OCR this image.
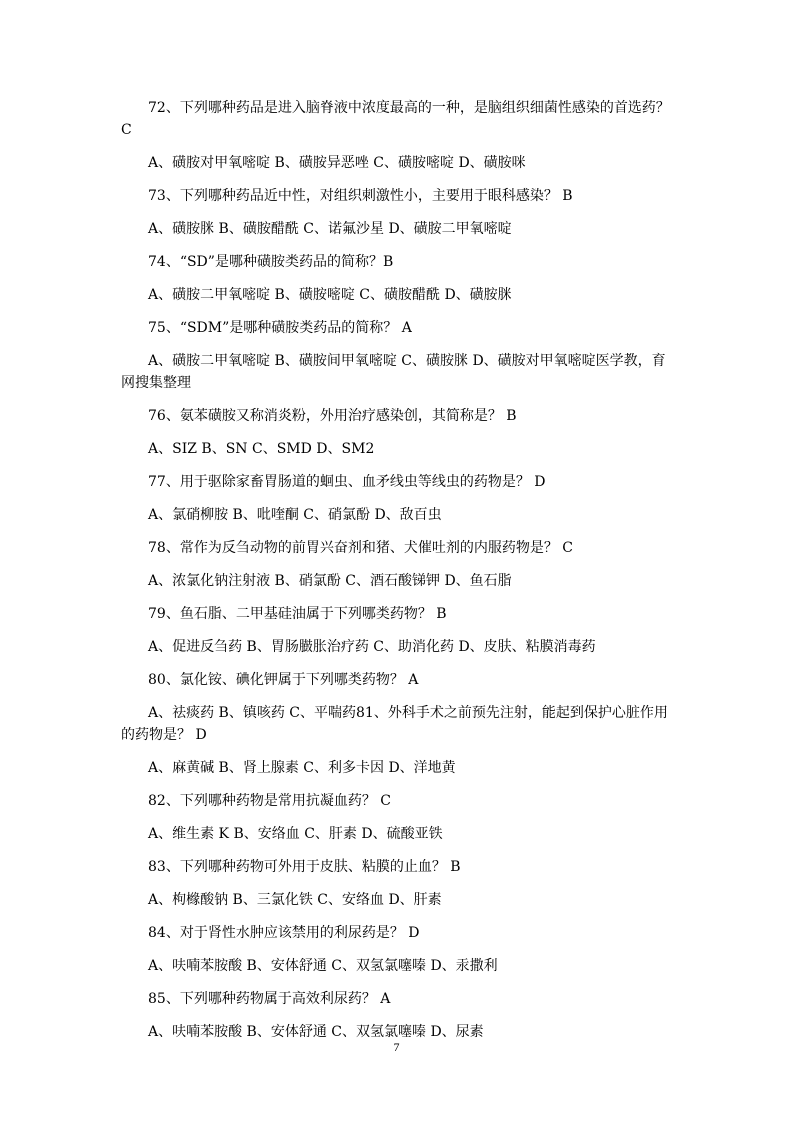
72、下列哪种药品是进入脑脊液中浓度最高的一种，是脑组织细菌性感染的首选药？C

A、磺胺对甲氧嘧啶 B、磺胺异恶唑 C、磺胺嘧啶 D、磺胺咪

73、下列哪种药品近中性，对组织刺激性小，主要用于眼科感染？ B

A、磺胺脒 B、磺胺醋酰 C、诺氟沙星 D、磺胺二甲氧嘧啶

74、“SD”是哪种磺胺类药品的简称？B

A、磺胺二甲氧嘧啶 B、磺胺嘧啶 C、磺胺醋酰 D、磺胺脒

75、“SDM”是哪种磺胺类药品的简称？ A

A、磺胺二甲氧嘧啶 B、磺胺间甲氧嘧啶 C、磺胺脒 D、磺胺对甲氧嘧啶医学教，育网搜集整理

76、氨苯磺胺又称消炎粉，外用治疗感染创，其简称是？ B

A、SIZ B、SN C、SMD D、SM2

77、用于驱除家畜胃肠道的蛔虫、血矛线虫等线虫的药物是？ D

A、氯硝柳胺 B、吡喹酮 C、硝氯酚 D、敌百虫

78、常作为反刍动物的前胃兴奋剂和猪、犬催吐剂的内服药物是？ C

A、浓氯化钠注射液 B、硝氯酚 C、酒石酸锑钾 D、鱼石脂

79、鱼石脂、二甲基硅油属于下列哪类药物？ B

A、促进反刍药 B、胃肠臌胀治疗药 C、助消化药 D、皮肤、粘膜消毒药

80、氯化铵、碘化钾属于下列哪类药物？ A

A、祛痰药 B、镇咳药 C、平喘药81、外科手术之前预先注射，能起到保护心脏作用的药物是？ D

A、麻黄碱 B、肾上腺素 C、利多卡因 D、洋地黄

82、下列哪种药物是常用抗凝血药？ C

A、维生素 K B、安络血 C、肝素 D、硫酸亚铁

83、下列哪种药物可外用于皮肤、粘膜的止血？ B

A、枸橼酸钠 B、三氯化铁 C、安络血 D、肝素

84、对于肾性水肿应该禁用的利尿药是？ D

A、呋喃苯胺酸 B、安体舒通 C、双氢氯噻嗪 D、汞撒利

85、下列哪种药物属于高效利尿药？ A

A、呋喃苯胺酸 B、安体舒通 C、双氢氯噻嗪 D、尿素

7
